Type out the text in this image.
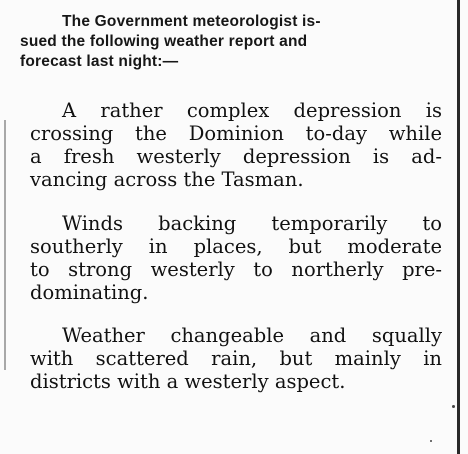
The Government meteorologist is-
sued the following weather report and
forecast last night:—
A rather complex depression is
crossing the Dominion to-day while
a fresh westerly depression is ad-
vancing across the Tasman.
Winds backing temporarily to
southerly in places, but moderate
to strong westerly to northerly pre-
dominating.
Weather changeable and squally
with scattered rain, but mainly in
districts with a westerly aspect.
